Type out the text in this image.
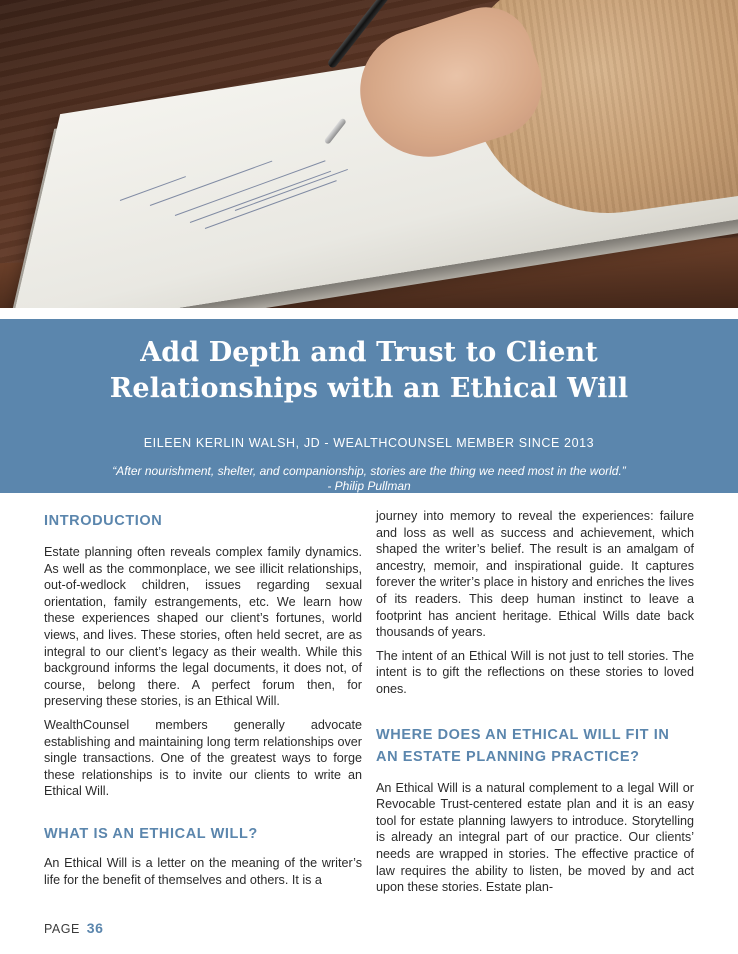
Add Depth and Trust to Client
Relationships with an Ethical Will
EILEEN KERLIN WALSH, JD - WEALTHCOUNSEL MEMBER SINCE 2013
“After nourishment, shelter, and companionship, stories are the thing we need most in the world.”
- Philip Pullman
INTRODUCTION

Estate planning often reveals complex family dynamics. As well as the commonplace, we see illicit relationships, out-of-wedlock children, issues regarding sexual orientation, family estrangements, etc. We learn how these experiences shaped our client’s fortunes, world views, and lives. These stories, often held secret, are as integral to our client’s legacy as their wealth. While this background informs the legal documents, it does not, of course, belong there. A perfect forum then, for preserving these stories, is an Ethical Will.

WealthCounsel members generally advocate establishing and maintaining long term relationships over single transactions. One of the greatest ways to forge these relationships is to invite our clients to write an Ethical Will.

WHAT IS AN ETHICAL WILL?

An Ethical Will is a letter on the meaning of the writer’s life for the benefit of themselves and others. It is a

journey into memory to reveal the experiences: failure and loss as well as success and achievement, which shaped the writer’s belief. The result is an amalgam of ancestry, memoir, and inspirational guide. It captures forever the writer’s place in history and enriches the lives of its readers. This deep human instinct to leave a footprint has ancient heritage. Ethical Wills date back thousands of years.

The intent of an Ethical Will is not just to tell stories. The intent is to gift the reflections on these stories to loved ones.

WHERE DOES AN ETHICAL WILL FIT IN
AN ESTATE PLANNING PRACTICE?

An Ethical Will is a natural complement to a legal Will or Revocable Trust-centered estate plan and it is an easy tool for estate planning lawyers to introduce. Storytelling is already an integral part of our practice. Our clients’ needs are wrapped in stories. The effective practice of law requires the ability to listen, be moved by and act upon these stories. Estate plan-

PAGE 36
